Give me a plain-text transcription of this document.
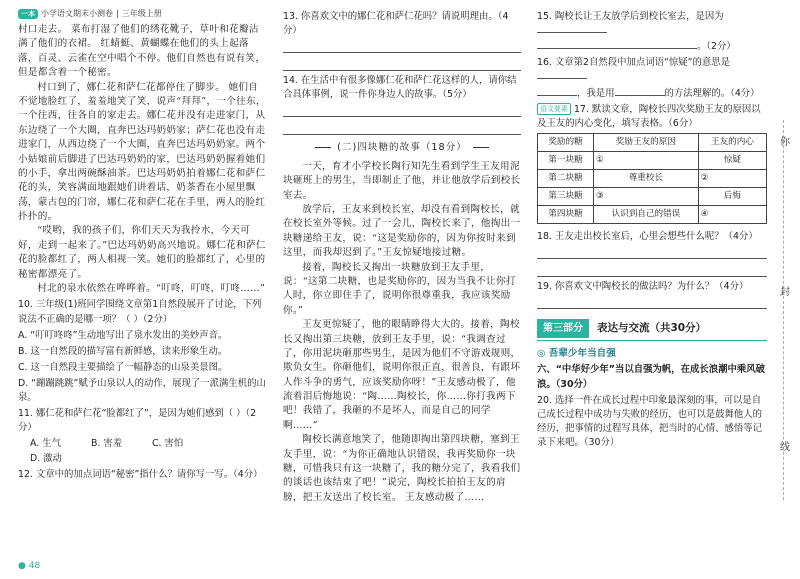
一本 小学语文期末小测卷 | 三年级上册

村口走去。 菜布打湿了他们的绣花靴子，草叶和花瓣沾满了他们的衣裙。 红蜻蜓、黄蝴蝶在他们的头上起落落，百灵、云雀在空中唱个不停。他们自然也有说有笑，但是都含着一个秘密。

村口到了，娜仁花和萨仁花都停住了脚步。 她们自不觉地脸红了，羞羞地笑了笑，说声“拜拜”，一个往东，一个往西，往各自的家走去。娜仁花并没有走进家门，从东边绕了一个大圈，直奔巴达玛奶奶家；萨仁花也没有走进家门，从西边绕了一个大圈，直奔巴达玛奶奶家。两个小姑娘前后脚进了巴达玛奶奶的家，巴达玛奶奶握着她们的小手，拿出两碗酥油茶。巴达玛奶奶拍着娜仁花和萨仁花的头，笑容满面地跟她们讲着话，奶茶香在小屋里飘荡，蒙古包的门帘，娜仁花和萨仁花在手里，两人的脸红扑扑的。

“哎哟，我的孩子们，你们天天为我拎水，今天可好，走到一起来了。”巴达玛奶奶高兴地说。娜仁花和萨仁花的脸都红了，两人相视一笑。她们的脸都红了，心里的秘密都漂亮了。

村北的泉水依然在哗哗着。“叮咚，叮咚，叮咚……”

10. 三年级(1)班同学围绕文章第1自然段展开了讨论，下列说法不正确的是哪一项？（ ）（2分）

A. “叮叮咚咚”生动地写出了泉水发出的美妙声音。

B. 这一自然段的描写富有新鲜感，读来形象生动。

C. 这一自然段主要描绘了一幅静态的山泉美景图。

D. “蹦蹦跳跳”赋予山泉以人的动作，展现了一派满生机的山泉。

11. 娜仁花和萨仁花“脸都红了”，是因为她们感到（ ）（2分）

A. 生气	B. 害羞	C. 害怕 D. 激动

12. 文章中的加点词语“秘密”指什么？请你写一写。（4分）

13. 你喜欢文中的娜仁花和萨仁花吗？请说明理由。（4分）

14. 在生活中有很多像娜仁花和萨仁花这样的人，请你结合具体事例，说一件你身边人的故事。（5分）

(二)四块糖的故事（18分）

一天，育才小学校长陶行知先生看到学生王友用泥块砸班上的男生，当即制止了他，并让他放学后到校长室去。

放学后，王友来到校长室，却没有看到陶校长，就在校长室外等候。过了一会儿，陶校长来了，他掏出一块糖递给王友，说：“这是奖励你的，因为你按时来到这里，而我却迟到了。”王友惊疑地接过糖。

接着，陶校长又掏出一块糖放到王友手里，说：“这第二块糖，也是奖励你的，因为当我不让你打人时，你立即住手了，说明你很尊重我，我应该奖励你。”

王友更惊疑了，他的眼睛睁得大大的。接着，陶校长又掏出第三块糖，放到王友手里，说：“我调查过了，你用泥块砸那些男生，是因为他们不守游戏规则，欺负女生。你砸他们，说明你很正直，很善良，有跟坏人作斗争的勇气，应该奖励你呀！”王友感动极了，他流着泪后悔地说：“陶……陶校长，你……你打我两下吧！我错了，我砸的不是坏人，而是自己的同学啊……”

陶校长满意地笑了，他随即掏出第四块糖，塞到王友手里，说：“为你正确地认识错误，我再奖励你一块糖，可惜我只有这一块糖了，我的糖分完了，我看我们的谈话也该结束了吧！”说完，陶校长拍拍王友的肩膀，把王友送出了校长室。 王友感动极了……

15. 陶校长让王友放学后到校长室去，是因为

。（2分）

16. 文章第2自然段中加点词语“惊疑”的意思是

，我是用	的方法理解的。（4分）

语文要素 17. 默读文章，陶校长四次奖励王友的原因以及王友的内心变化，填写表格。（6分）

奖励的糖	奖励王友的原因	王友的内心
第一块糖	①	惊疑
第二块糖	尊重校长	②
第三块糖	③	后悔
第四块糖	认识到自己的错误	④

18. 王友走出校长室后，心里会想些什么呢？（4分）

19. 你喜欢文中陶校长的做法吗？为什么？（4分）

第三部分	表达与交流（共30分）

◎ 吾辈少年当自强

六、“中华好少年”当以自强为帆，在成长浪潮中乘风破浪。（30分）

20. 选择一件在成长过程中印象最深刻的事，可以是自己成长过程中成功与失败的经历，也可以是鼓舞他人的经历，把事情的过程写具体，把当时的心情、感悟等记录下来吧。（30分）

你
封
线
● 48
